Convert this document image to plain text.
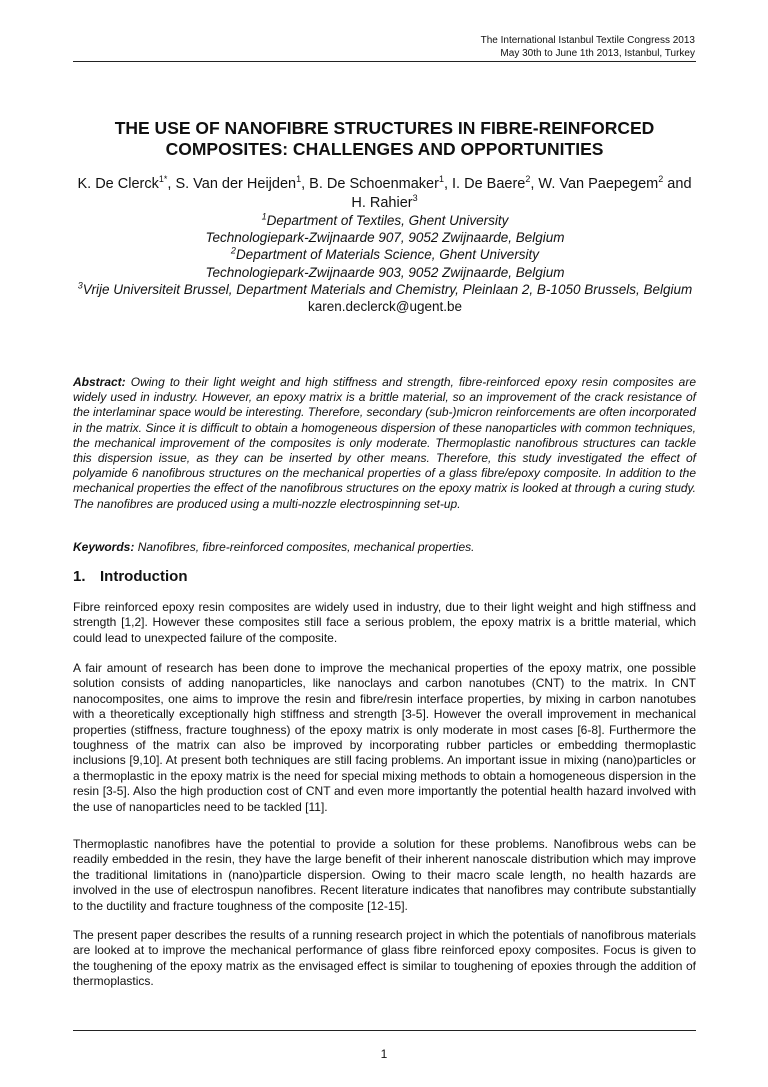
The International Istanbul Textile Congress 2013
May 30th to June 1th 2013, Istanbul, Turkey
THE USE OF NANOFIBRE STRUCTURES IN FIBRE-REINFORCED
COMPOSITES: CHALLENGES AND OPPORTUNITIES
K. De Clerck$^{1*}$, S. Van der Heijden$^1$, B. De Schoenmaker$^1$, I. De Baere$^2$, W. Van Paepegem$^2$ and H. Rahier$^3$
$^1$Department of Textiles, Ghent University
Technologiepark-Zwijnaarde 907, 9052 Zwijnaarde, Belgium
$^2$Department of Materials Science, Ghent University
Technologiepark-Zwijnaarde 903, 9052 Zwijnaarde, Belgium
$^3$Vrije Universiteit Brussel, Department Materials and Chemistry, Pleinlaan 2, B-1050 Brussels, Belgium
karen.declerck@ugent.be
Abstract: Owing to their light weight and high stiffness and strength, fibre-reinforced epoxy resin composites are widely used in industry. However, an epoxy matrix is a brittle material, so an improvement of the crack resistance of the interlaminar space would be interesting. Therefore, secondary (sub-)micron reinforcements are often incorporated in the matrix. Since it is difficult to obtain a homogeneous dispersion of these nanoparticles with common techniques, the mechanical improvement of the composites is only moderate. Thermoplastic nanofibrous structures can tackle this dispersion issue, as they can be inserted by other means. Therefore, this study investigated the effect of polyamide 6 nanofibrous structures on the mechanical properties of a glass fibre/epoxy composite. In addition to the mechanical properties the effect of the nanofibrous structures on the epoxy matrix is looked at through a curing study. The nanofibres are produced using a multi-nozzle electrospinning set-up.
Keywords: Nanofibres, fibre-reinforced composites, mechanical properties.
1. Introduction

Fibre reinforced epoxy resin composites are widely used in industry, due to their light weight and high stiffness and strength [1,2]. However these composites still face a serious problem, the epoxy matrix is a brittle material, which could lead to unexpected failure of the composite.

A fair amount of research has been done to improve the mechanical properties of the epoxy matrix, one possible solution consists of adding nanoparticles, like nanoclays and carbon nanotubes (CNT) to the matrix. In CNT nanocomposites, one aims to improve the resin and fibre/resin interface properties, by mixing in carbon nanotubes with a theoretically exceptionally high stiffness and strength [3-5]. However the overall improvement in mechanical properties (stiffness, fracture toughness) of the epoxy matrix is only moderate in most cases [6-8]. Furthermore the toughness of the matrix can also be improved by incorporating rubber particles or embedding thermoplastic inclusions [9,10]. At present both techniques are still facing problems. An important issue in mixing (nano)particles or a thermoplastic in the epoxy matrix is the need for special mixing methods to obtain a homogeneous dispersion in the resin [3-5]. Also the high production cost of CNT and even more importantly the potential health hazard involved with the use of nanoparticles need to be tackled [11].

Thermoplastic nanofibres have the potential to provide a solution for these problems. Nanofibrous webs can be readily embedded in the resin, they have the large benefit of their inherent nanoscale distribution which may improve the traditional limitations in (nano)particle dispersion. Owing to their macro scale length, no health hazards are involved in the use of electrospun nanofibres. Recent literature indicates that nanofibres may contribute substantially to the ductility and fracture toughness of the composite [12-15].

The present paper describes the results of a running research project in which the potentials of nanofibrous materials are looked at to improve the mechanical performance of glass fibre reinforced epoxy composites. Focus is given to the toughening of the epoxy matrix as the envisaged effect is similar to toughening of epoxies through the addition of thermoplastics.

1
